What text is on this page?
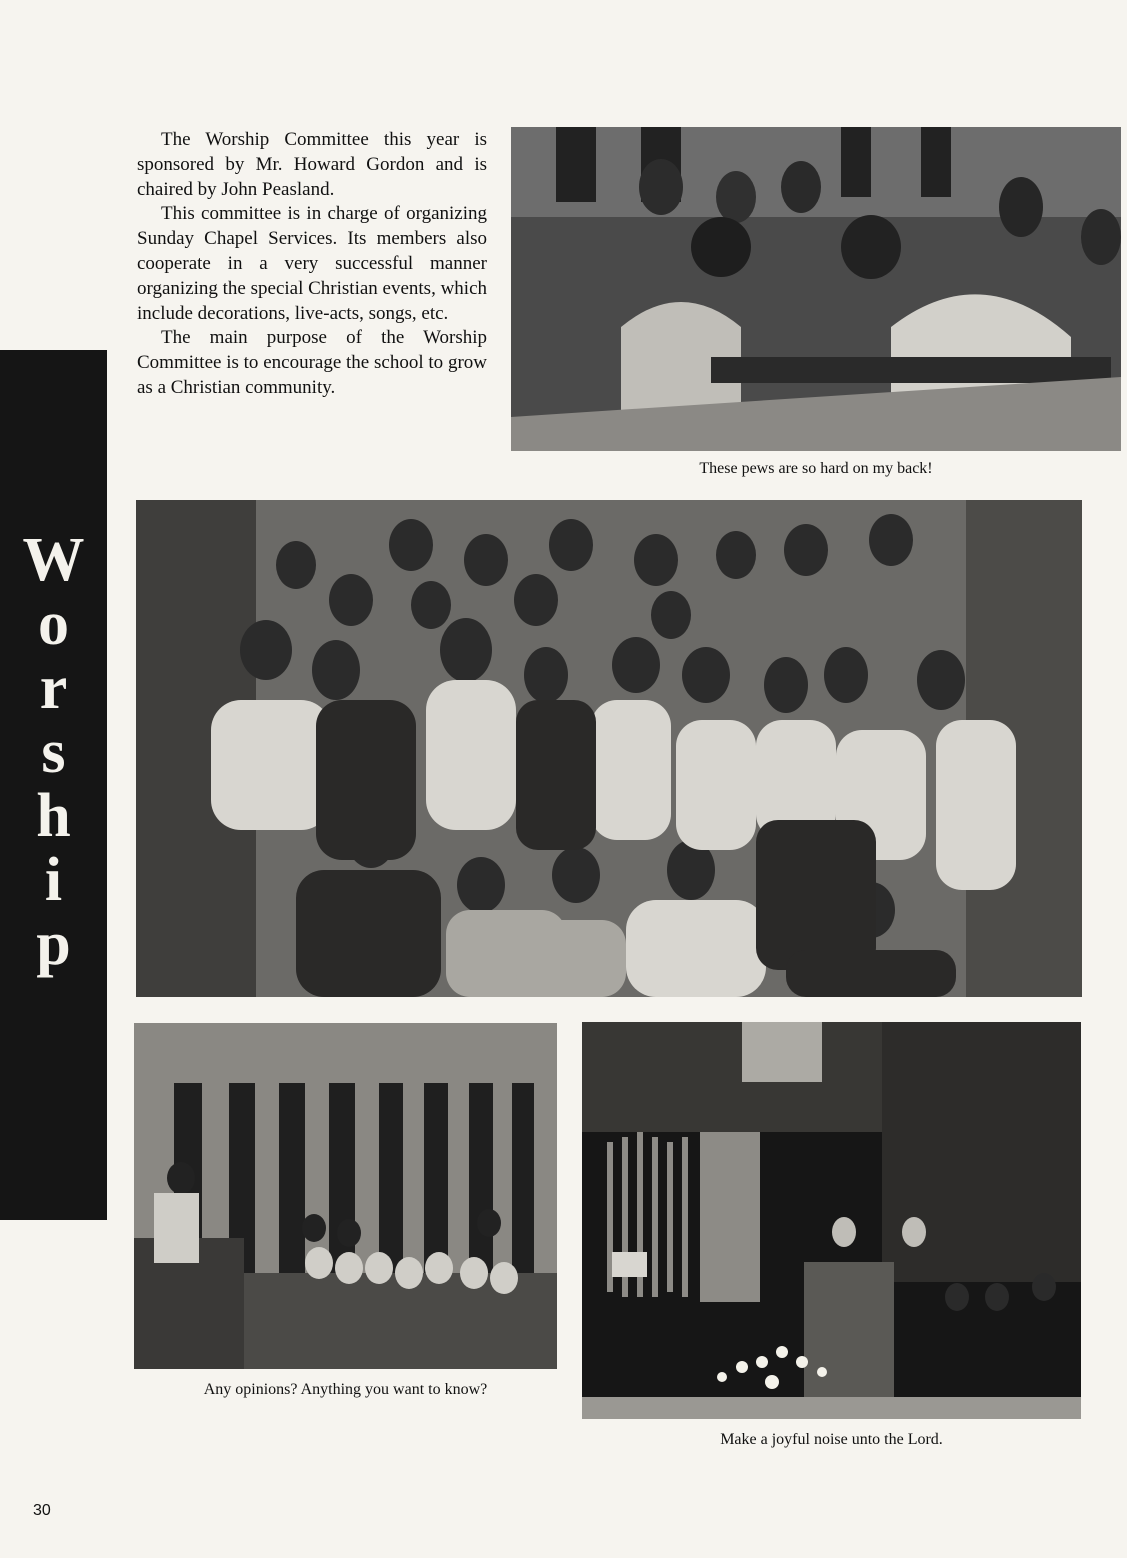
W
o
r
s
h
i
p

The Worship Committee this year is sponsored by Mr. Howard Gordon and is chaired by John Peasland.

This committee is in charge of organizing Sunday Chapel Services. Its members also cooperate in a very successful manner organizing the special Christian events, which include decorations, live-acts, songs, etc.

The main purpose of the Worship Committee is to encourage the school to grow as a Christian community.

These pews are so hard on my back!
Any opinions? Anything you want to know?
Make a joyful noise unto the Lord.
30
